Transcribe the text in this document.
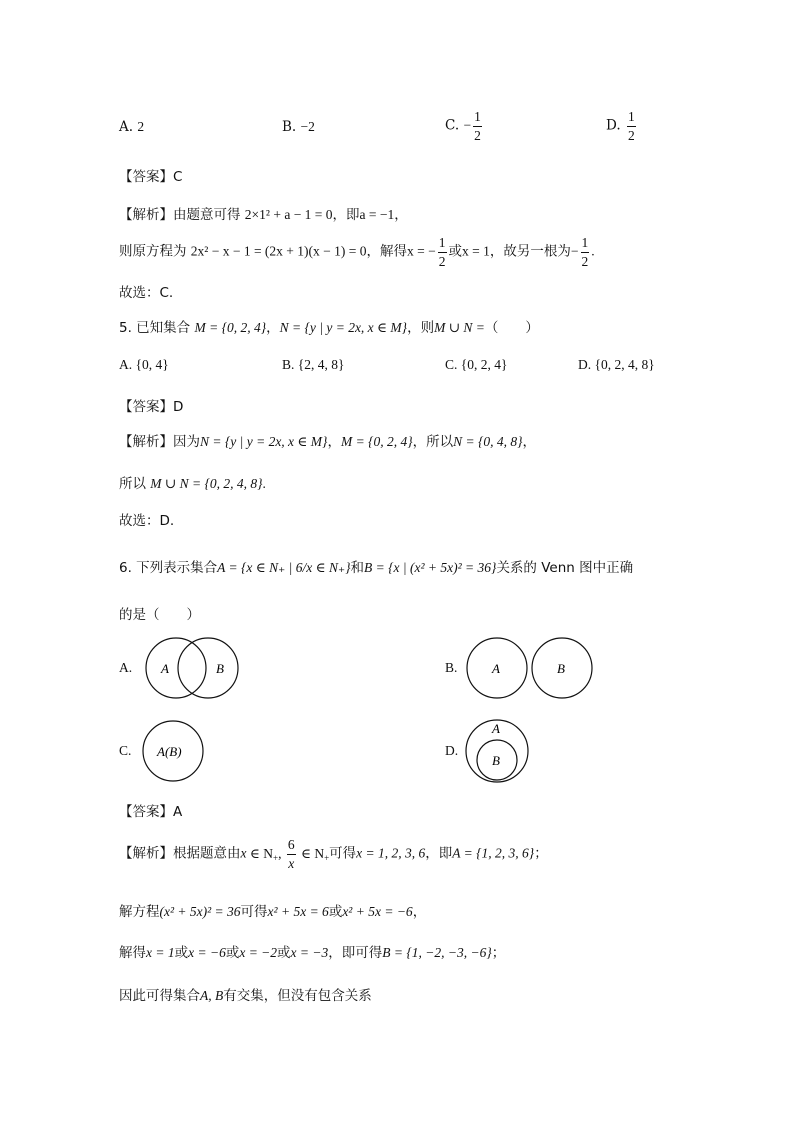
A. 2	B. −2	C. − $\frac{1}{2}$	D. $\frac{1}{2}$
【答案】C
【解析】由题意可得 2×1² + a − 1 = 0，即a = −1，
则原方程为 2x² − x − 1 = (2x + 1)(x − 1) = 0，解得x = − $\frac{1}{2}$ 或x = 1，故另一根为− $\frac{1}{2}$ .
故选：C.
5. 已知集合 M = {0, 2, 4}，N = {y | y = 2x, x ∈ M}，则M ∪ N =（　　）
A. {0, 4}	B. {2, 4, 8}	C. {0, 2, 4}	D. {0, 2, 4, 8}
【答案】D
【解析】因为N = {y | y = 2x, x ∈ M}，M = {0, 2, 4}，所以N = {0, 4, 8}，
所以 M ∪ N = {0, 2, 4, 8}.
故选：D.
6. 下列表示集合A = {x ∈ N₊ | 6/x ∈ N₊}和B = {x | (x² + 5x)² = 36}关系的 Venn 图中正确
的是（　　）
A. A	B	B.	A	B
C. A(B)	D.
A
B
【答案】A
【解析】根据题意由x ∈ $N_+$, $\frac{6}{x}$ ∈ $N_+$可得x = 1, 2, 3, 6，即A = {1, 2, 3, 6}；
解方程(x² + 5x)² = 36可得x² + 5x = 6或x² + 5x = −6，
解得x = 1或x = −6或x = −2或x = −3，即可得B = {1, −2, −3, −6}；
因此可得集合A, B有交集，但没有包含关系
